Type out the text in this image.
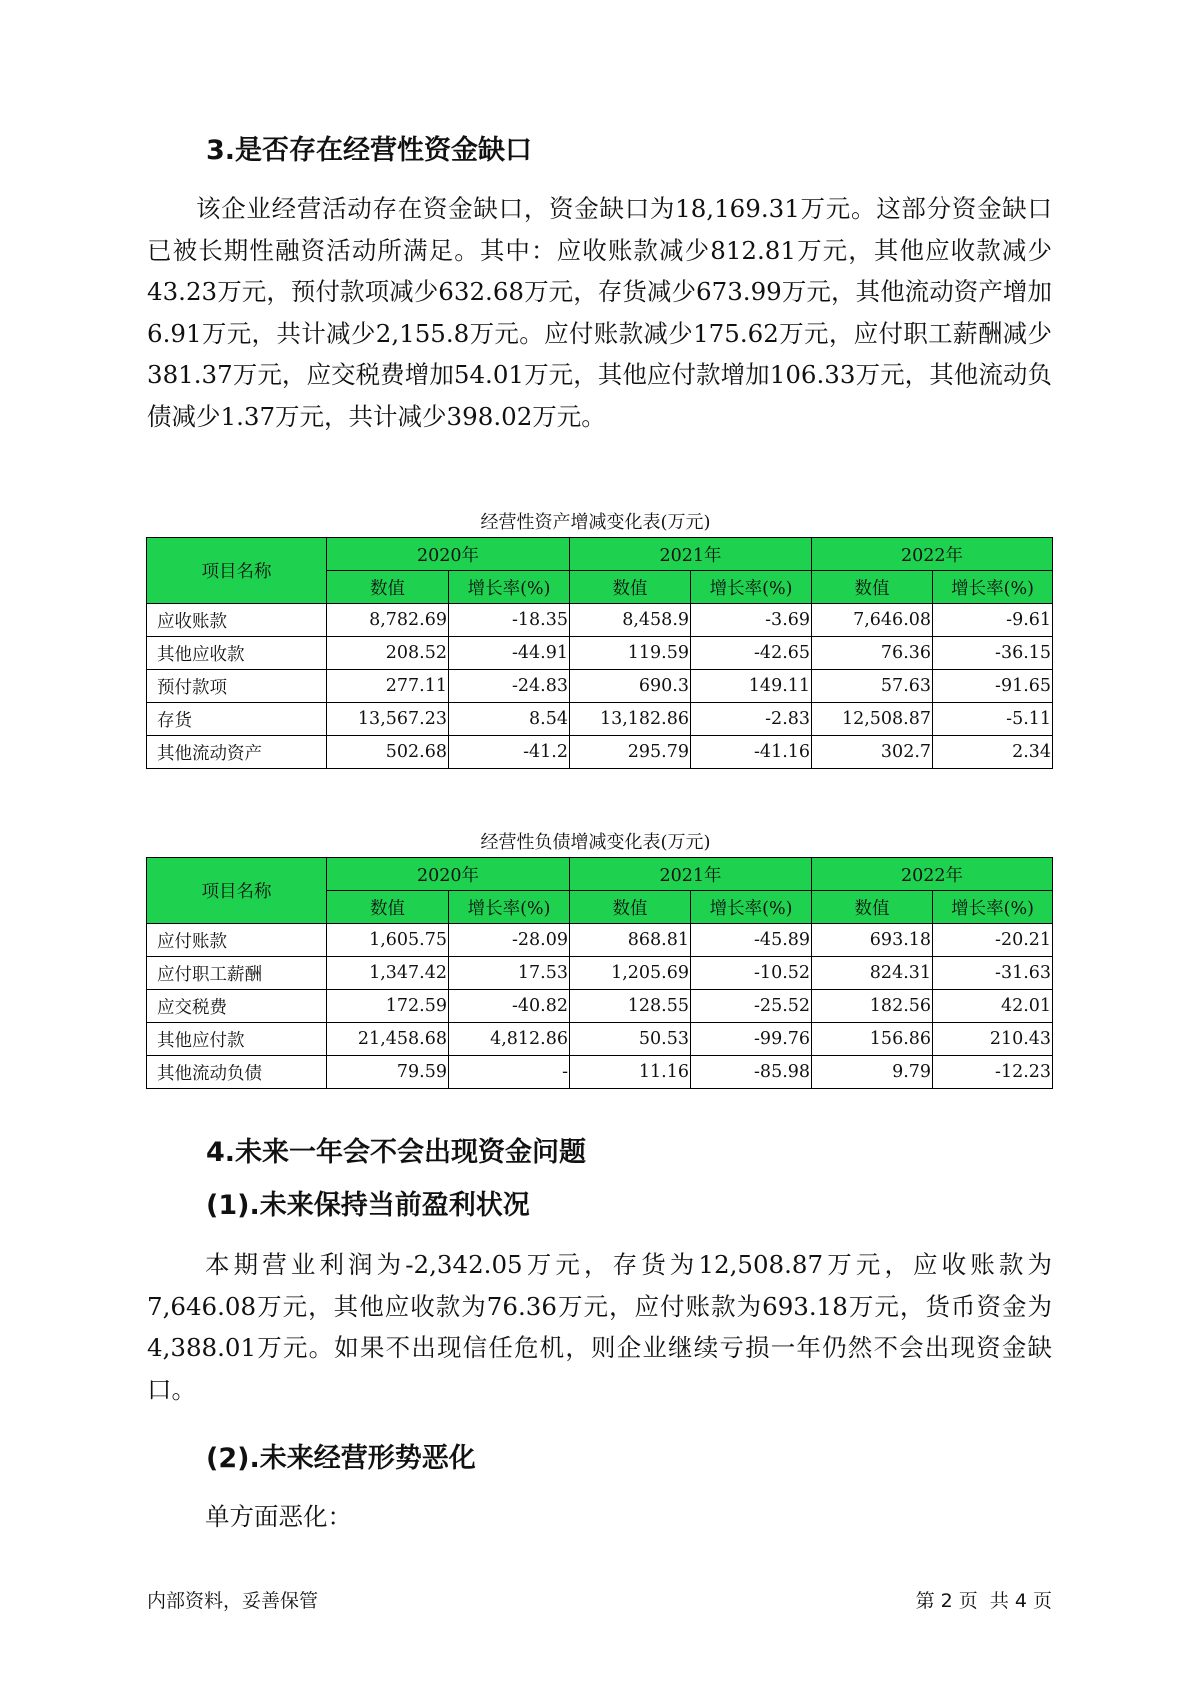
3.是否存在经营性资金缺口

该企业经营活动存在资金缺口，资金缺口为18,169.31万元。这部分资金缺口已被长期性融资活动所满足。其中：应收账款减少812.81万元，其他应收款减少43.23万元，预付款项减少632.68万元，存货减少673.99万元，其他流动资产增加6.91万元，共计减少2,155.8万元。应付账款减少175.62万元，应付职工薪酬减少381.37万元，应交税费增加54.01万元，其他应付款增加106.33万元，其他流动负债减少1.37万元，共计减少398.02万元。

经营性资产增减变化表(万元)

项目名称	2020年		2021年		2022年	
	数值	增长率(%)	数值	增长率(%)	数值	增长率(%)
应收账款	8,782.69	-18.35	8,458.9	-3.69	7,646.08	-9.61
其他应收款	208.52	-44.91	119.59	-42.65	76.36	-36.15
预付款项	277.11	-24.83	690.3	149.11	57.63	-91.65
存货	13,567.23	8.54	13,182.86	-2.83	12,508.87	-5.11
其他流动资产	502.68	-41.2	295.79	-41.16	302.7	2.34

经营性负债增减变化表(万元)

项目名称	2020年		2021年		2022年	
	数值	增长率(%)	数值	增长率(%)	数值	增长率(%)
应付账款	1,605.75	-28.09	868.81	-45.89	693.18	-20.21
应付职工薪酬	1,347.42	17.53	1,205.69	-10.52	824.31	-31.63
应交税费	172.59	-40.82	128.55	-25.52	182.56	42.01
其他应付款	21,458.68	4,812.86	50.53	-99.76	156.86	210.43
其他流动负债	79.59	-	11.16	-85.98	9.79	-12.23
4.未来一年会不会出现资金问题
(1).未来保持当前盈利状况

本期营业利润为-2,342.05万元，存货为12,508.87万元，应收账款为7,646.08万元，其他应收款为76.36万元，应付账款为693.18万元，货币资金为4,388.01万元。如果不出现信任危机，则企业继续亏损一年仍然不会出现资金缺口。

(2).未来经营形势恶化

单方面恶化：

内部资料，妥善保管	第 2 页  共 4 页
